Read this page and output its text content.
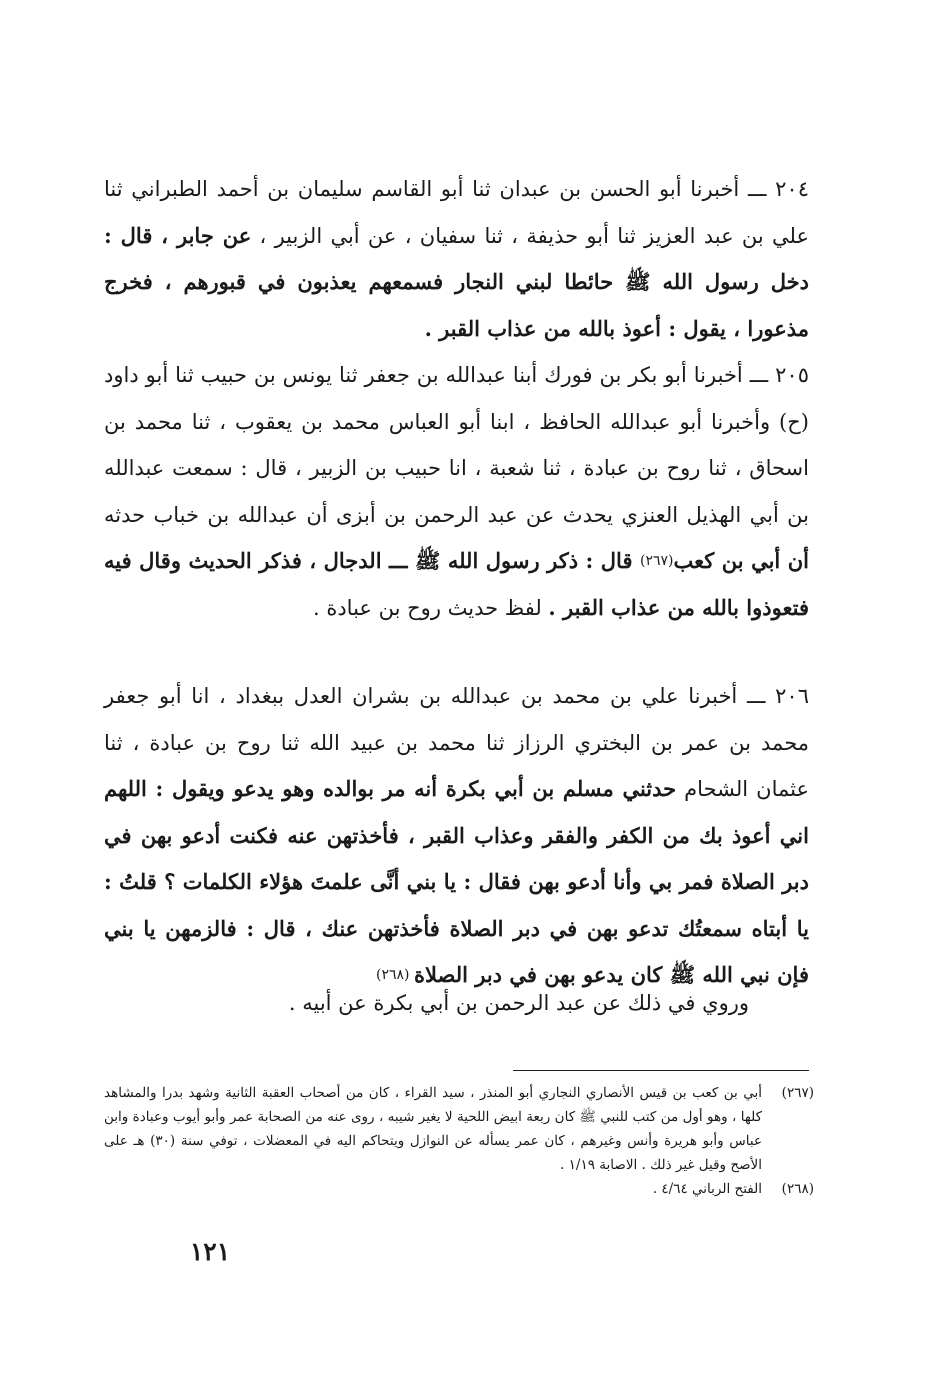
٢٠٤ ـــ أخبرنا أبو الحسن بن عبدان ثنا أبو القاسم سليمان بن أحمد الطبراني ثنا علي بن عبد العزيز ثنا أبو حذيفة ، ثنا سفيان ، عن أبي الزبير ، عن جابر ، قال : دخل رسول الله ﷺ حائطا لبني النجار فسمعهم يعذبون في قبورهم ، فخرج مذعورا ، يقول : أعوذ بالله من عذاب القبر .

٢٠٥ ـــ أخبرنا أبو بكر بن فورك أبنا عبدالله بن جعفر ثنا يونس بن حبيب ثنا أبو داود (ح) وأخبرنا أبو عبدالله الحافظ ، ابنا أبو العباس محمد بن يعقوب ، ثنا محمد بن اسحاق ، ثنا روح بن عبادة ، ثنا شعبة ، انا حبيب بن الزبير ، قال : سمعت عبدالله بن أبي الهذيل العنزي يحدث عن عبد الرحمن بن أبزى أن عبدالله بن خباب حدثه أن أبي بن كعب(٢٦٧) قال : ذكر رسول الله ﷺ ـــ الدجال ، فذكر الحديث وقال فيه فتعوذوا بالله من عذاب القبر . لفظ حديث روح بن عبادة .

٢٠٦ ـــ أخبرنا علي بن محمد بن عبدالله بن بشران العدل ببغداد ، انا أبو جعفر محمد بن عمر بن البختري الرزاز ثنا محمد بن عبيد الله ثنا روح بن عبادة ، ثنا عثمان الشحام حدثني مسلم بن أبي بكرة أنه مر بوالده وهو يدعو ويقول : اللهم اني أعوذ بك من الكفر والفقر وعذاب القبر ، فأخذتهن عنه فكنت أدعو بهن في دبر الصلاة فمر بي وأنا أدعو بهن فقال : يا بني أنَّى علمتَ هؤلاء الكلمات ؟ قلتُ : يا أبتاه سمعتُك تدعو بهن في دبر الصلاة فأخذتهن عنك ، قال : فالزمهن يا بني فإن نبي الله ﷺ كان يدعو بهن في دبر الصلاة (٢٦٨)

وروي في ذلك عن عبد الرحمن بن أبي بكرة عن أبيه .

(٢٦٧)
أبي بن كعب بن قيس الأنصاري النجاري أبو المنذر ، سيد القراء ، كان من أصحاب العقبة الثانية وشهد بدرا والمشاهد كلها ، وهو أول من كتب للنبي ﷺ كان ربعة ابيض اللحية لا يغير شيبه ، روى عنه من الصحابة عمر وأبو أيوب وعبادة وابن عباس وأبو هريرة وأنس وغيرهم ، كان عمر يسأله عن النوازل ويتحاكم اليه في المعضلات ، توفي سنة (٣٠) هـ على الأصح وقيل غير ذلك . الاصابة ١/١٩ .

(٢٦٨)
الفتح الرباني ٤/٦٤ .

١٢١
